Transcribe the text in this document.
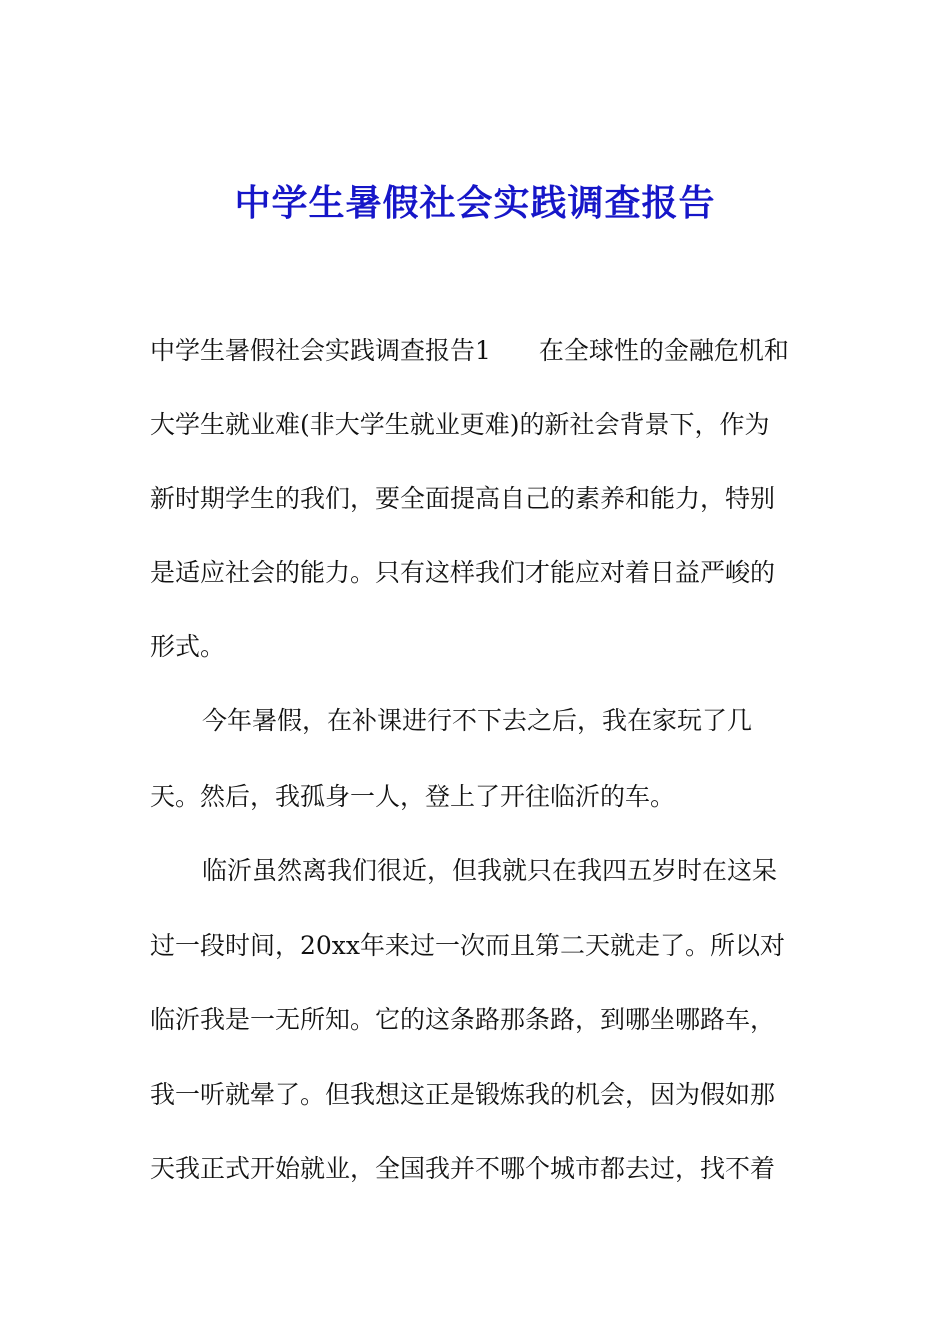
中学生暑假社会实践调查报告
中学生暑假社会实践调查报告1 在全球性的金融危机和
大学生就业难(非大学生就业更难)的新社会背景下，作为
新时期学生的我们，要全面提高自己的素养和能力，特别
是适应社会的能力。只有这样我们才能应对着日益严峻的
形式。
今年暑假，在补课进行不下去之后，我在家玩了几
天。然后，我孤身一人，登上了开往临沂的车。
临沂虽然离我们很近，但我就只在我四五岁时在这呆
过一段时间，20xx年来过一次而且第二天就走了。所以对
临沂我是一无所知。它的这条路那条路，到哪坐哪路车，
我一听就晕了。但我想这正是锻炼我的机会，因为假如那
天我正式开始就业，全国我并不哪个城市都去过，找不着
